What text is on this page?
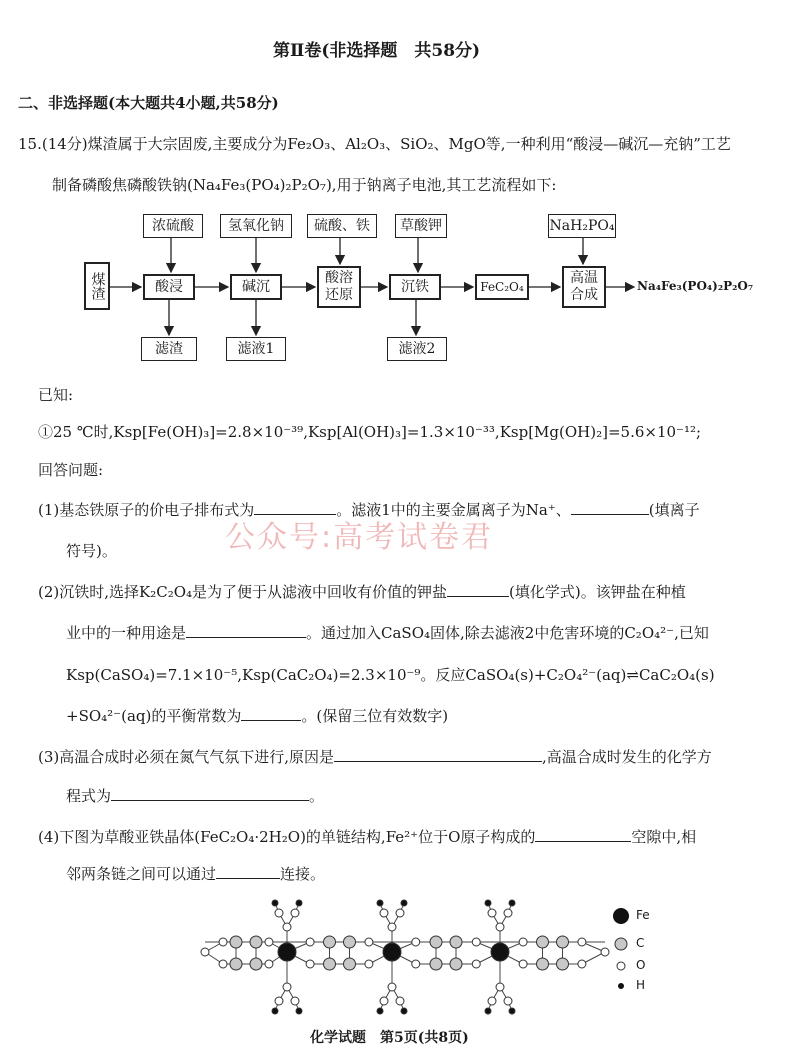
第Ⅱ卷(非选择题　共58分)
二、非选择题(本大题共4小题,共58分)
15.(14分)煤渣属于大宗固废,主要成分为Fe₂O₃、Al₂O₃、SiO₂、MgO等,一种利用“酸浸—碱沉—充钠”工艺
制备磷酸焦磷酸铁钠(Na₄Fe₃(PO₄)₂P₂O₇),用于钠离子电池,其工艺流程如下:
浓硫酸	氢氧化钠	硫酸、铁	草酸钾	NaH₂PO₄
煤渣	酸浸	碱沉
酸溶还原
沉铁	FeC₂O₄
高温合成
Na₄Fe₃(PO₄)₂P₂O₇
滤渣	滤液1	滤液2
已知:
①25 ℃时,Ksp[Fe(OH)₃]=2.8×10⁻³⁹,Ksp[Al(OH)₃]=1.3×10⁻³³,Ksp[Mg(OH)₂]=5.6×10⁻¹²;
回答问题:
(1)基态铁原子的价电子排布式为	。滤液1中的主要金属离子为Na⁺、	(填离子
符号)。	公众号:高考试卷君
(2)沉铁时,选择K₂C₂O₄是为了便于从滤液中回收有价值的钾盐	(填化学式)。该钾盐在种植
业中的一种用途是	。通过加入CaSO₄固体,除去滤液2中危害环境的C₂O₄²⁻,已知
Ksp(CaSO₄)=7.1×10⁻⁵,Ksp(CaC₂O₄)=2.3×10⁻⁹。反应CaSO₄(s)+C₂O₄²⁻(aq)⇌CaC₂O₄(s)
+SO₄²⁻(aq)的平衡常数为	。(保留三位有效数字)
(3)高温合成时必须在氮气气氛下进行,原因是	,高温合成时发生的化学方
程式为	。
(4)下图为草酸亚铁晶体(FeC₂O₄·2H₂O)的单链结构,Fe²⁺位于O原子构成的	空隙中,相
邻两条链之间可以通过	连接。
Fe
C
O
H
化学试题　第5页(共8页)
